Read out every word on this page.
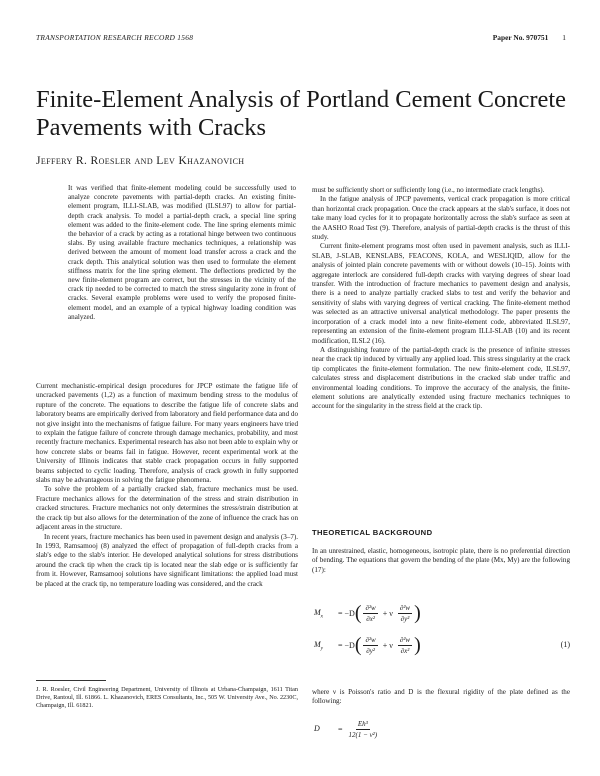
TRANSPORTATION RESEARCH RECORD 1568	Paper No. 970751 1
Finite-Element Analysis of Portland Cement Concrete Pavements with Cracks
Jeffery R. Roesler and Lev Khazanovich

It was verified that finite-element modeling could be successfully used to analyze concrete pavements with partial-depth cracks. An existing finite-element program, ILLI-SLAB, was modified (ILSL97) to allow for partial-depth crack analysis. To model a partial-depth crack, a special line spring element was added to the finite-element code. The line spring elements mimic the behavior of a crack by acting as a rotational hinge between two continuous slabs. By using available fracture mechanics techniques, a relationship was derived between the amount of moment load transfer across a crack and the crack depth. This analytical solution was then used to formulate the element stiffness matrix for the line spring element. The deflections predicted by the new finite-element program are correct, but the stresses in the vicinity of the crack tip needed to be corrected to match the stress singularity zone in front of cracks. Several example problems were used to verify the proposed finite-element model, and an example of a typical highway loading condition was analyzed.

Current mechanistic-empirical design procedures for JPCP estimate the fatigue life of uncracked pavements (1,2) as a function of maximum bending stress to the modulus of rupture of the concrete. The equations to describe the fatigue life of concrete slabs and laboratory beams are empirically derived from laboratory and field performance data and do not give insight into the mechanisms of fatigue failure. For many years engineers have tried to explain the fatigue failure of concrete through damage mechanics, probability, and most recently fracture mechanics. Experimental research has also not been able to explain why or how concrete slabs or beams fail in fatigue. However, recent experimental work at the University of Illinois indicates that stable crack propagation occurs in fully supported beams subjected to cyclic loading. Therefore, analysis of crack growth in fully supported slabs may be advantageous in solving the fatigue phenomena.

To solve the problem of a partially cracked slab, fracture mechanics must be used. Fracture mechanics allows for the determination of the stress and strain distribution in cracked structures. Fracture mechanics not only determines the stress/strain distribution at the crack tip but also allows for the determination of the zone of influence the crack has on adjacent areas in the structure.

In recent years, fracture mechanics has been used in pavement design and analysis (3–7). In 1993, Ramsamooj (8) analyzed the effect of propagation of full-depth cracks from a slab's edge to the slab's interior. He developed analytical solutions for stress distributions around the crack tip when the crack tip is located near the slab edge or is sufficiently far from it. However, Ramsamooj solutions have significant limitations: the applied load must be placed at the crack tip, no temperature loading was considered, and the crack

J. R. Roesler, Civil Engineering Department, University of Illinois at Urbana-Champaign, 1611 Titan Drive, Rantoul, Ill. 61866. L. Khazanovich, ERES Consultants, Inc., 505 W. University Ave., No. 2230C, Champaign, Ill. 61821.

must be sufficiently short or sufficiently long (i.e., no intermediate crack lengths).

In the fatigue analysis of JPCP pavements, vertical crack propagation is more critical than horizontal crack propagation. Once the crack appears at the slab's surface, it does not take many load cycles for it to propagate horizontally across the slab's surface as seen at the AASHO Road Test (9). Therefore, analysis of partial-depth cracks is the thrust of this study.

Current finite-element programs most often used in pavement analysis, such as ILLI-SLAB, J-SLAB, KENSLABS, FEACONS, KOLA, and WESLIQID, allow for the analysis of jointed plain concrete pavements with or without dowels (10–15). Joints with aggregate interlock are considered full-depth cracks with varying degrees of shear load transfer. With the introduction of fracture mechanics to pavement design and analysis, there is a need to analyze partially cracked slabs to test and verify the behavior and sensitivity of slabs with varying degrees of vertical cracking. The finite-element method was selected as an attractive universal analytical methodology. The paper presents the incorporation of a crack model into a new finite-element code, abbreviated ILSL97, representing an extension of the finite-element program ILLI-SLAB (10) and its recent modification, ILSL2 (16).

A distinguishing feature of the partial-depth crack is the presence of infinite stresses near the crack tip induced by virtually any applied load. This stress singularity at the crack tip complicates the finite-element formulation. The new finite-element code, ILSL97, calculates stress and displacement distributions in the cracked slab under traffic and environmental loading conditions. To improve the accuracy of the analysis, the finite-element solutions are analytically extended using fracture mechanics techniques to account for the singularity in the stress field at the crack tip.

THEORETICAL BACKGROUND

In an unrestrained, elastic, homogeneous, isotropic plate, there is no preferential direction of bending. The equations that govern the bending of the plate (Mx, My) are the following (17):

$M_x = -D$ ( $\frac{\text{∂²w}}{\text{∂x²}} + \nu \frac{\text{∂²w}}{\text{∂y²}}$ )
$M_y = -D$ ( $\frac{\text{∂²w}}{\text{∂y²}} + \nu \frac{\text{∂²w}}{\text{∂x²}}$ )	(1)

where ν is Poisson's ratio and D is the flexural rigidity of the plate defined as the following:

$D = \frac{\text{Eh³}}{\text{12(1 − ν²)}}$
